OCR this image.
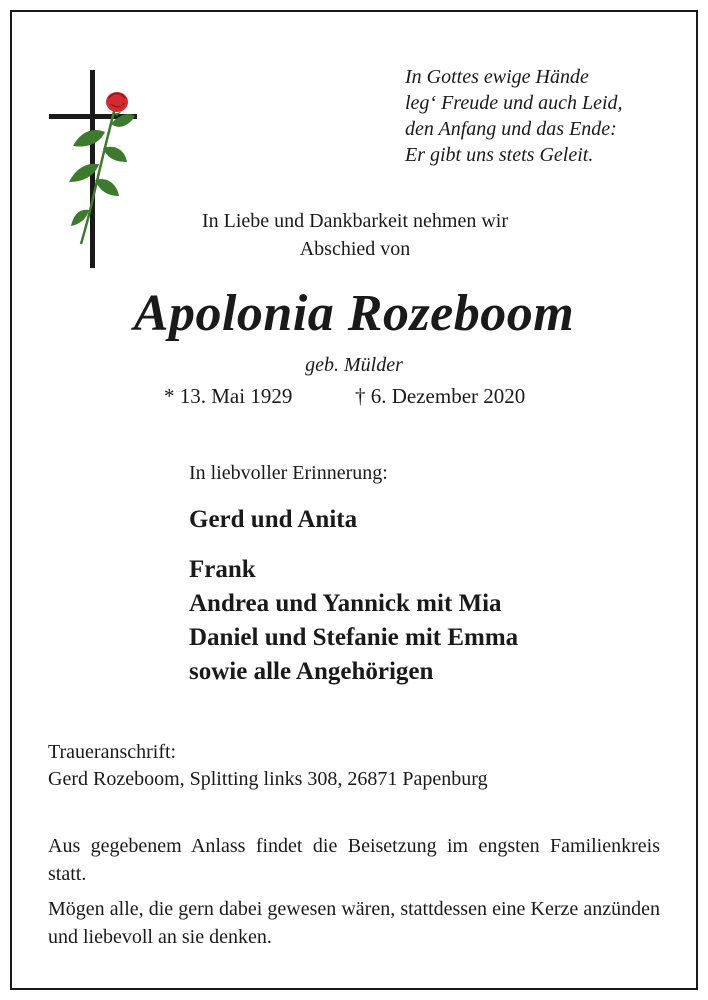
In Gottes ewige Hände
leg‘ Freude und auch Leid,
den Anfang und das Ende:
Er gibt uns stets Geleit.
In Liebe und Dankbarkeit nehmen wir
Abschied von
Apolonia Rozeboom
geb. Mülder
* 13. Mai 1929	† 6. Dezember 2020
In liebvoller Erinnerung:
Gerd und Anita
Frank
Andrea und Yannick mit Mia
Daniel und Stefanie mit Emma
sowie alle Angehörigen
Traueranschrift:
Gerd Rozeboom, Splitting links 308, 26871 Papenburg
Aus gegebenem Anlass findet die Beisetzung im engsten Familienkreis statt.
Mögen alle, die gern dabei gewesen wären, stattdessen eine Kerze anzünden und liebevoll an sie denken.
